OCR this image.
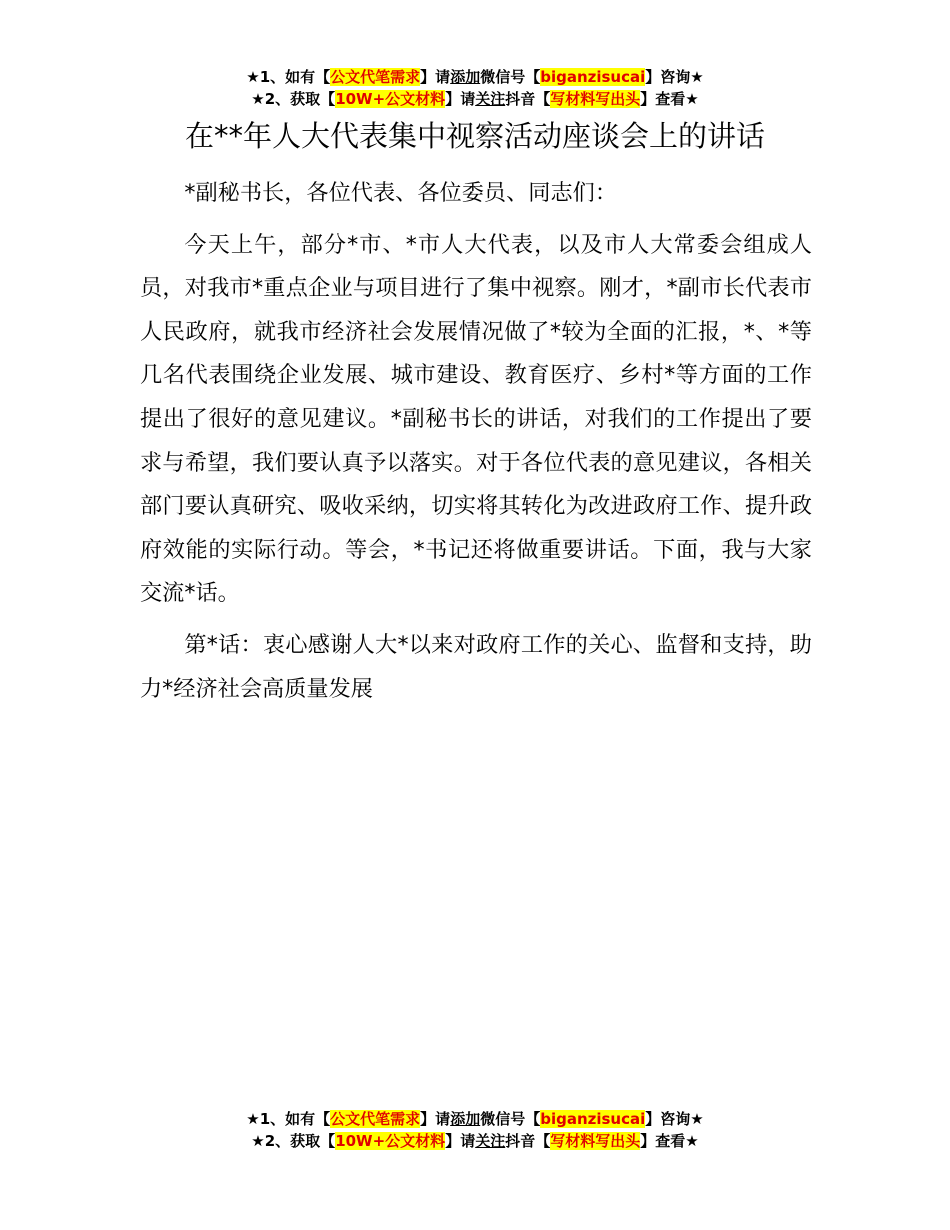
★1、如有【公文代笔需求】请添加微信号【biganzisucai】咨询★
★2、获取【10W+公文材料】请关注抖音【写材料写出头】查看★
在**年人大代表集中视察活动座谈会上的讲话

*副秘书长，各位代表、各位委员、同志们：

今天上午，部分*市、*市人大代表，以及市人大常委会组成人员，对我市*重点企业与项目进行了集中视察。刚才，*副市长代表市人民政府，就我市经济社会发展情况做了*较为全面的汇报，*、*等几名代表围绕企业发展、城市建设、教育医疗、乡村*等方面的工作提出了很好的意见建议。*副秘书长的讲话，对我们的工作提出了要求与希望，我们要认真予以落实。对于各位代表的意见建议，各相关部门要认真研究、吸收采纳，切实将其转化为改进政府工作、提升政府效能的实际行动。等会，*书记还将做重要讲话。下面，我与大家交流*话。

第*话：衷心感谢人大*以来对政府工作的关心、监督和支持，助力*经济社会高质量发展

★1、如有【公文代笔需求】请添加微信号【biganzisucai】咨询★
★2、获取【10W+公文材料】请关注抖音【写材料写出头】查看★
